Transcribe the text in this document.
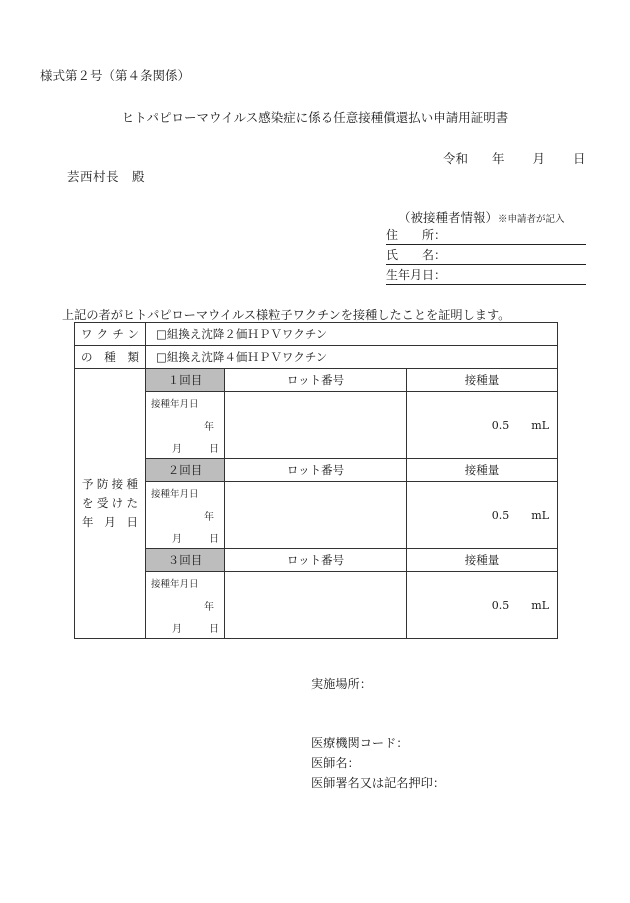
様式第２号（第４条関係）
ヒトパピローマウイルス感染症に係る任意接種償還払い申請用証明書
令和 年 月 日
芸西村長　殿
（被接種者情報）※申請者が記入
住　　所：
氏　　名：
生年月日：
上記の者がヒトパピローマウイルス様粒子ワクチンを接種したことを証明します。
ワクチン	□組換え沈降２価ＨＰＶワクチン		
の 種 類	□組換え沈降４価ＨＰＶワクチン		

予防接種
を受けた
年 月 日	１回目	ロット番号	接種量
	接種年月日		0.5　　mL
	年		
	月 日		
	２回目	ロット番号	接種量
	接種年月日		0.5　　mL
	年		
	月 日		
	３回目	ロット番号	接種量
	接種年月日		0.5　　mL
	年		
	月 日		
実施場所：
医療機関コード：
医師名：
医師署名又は記名押印：
